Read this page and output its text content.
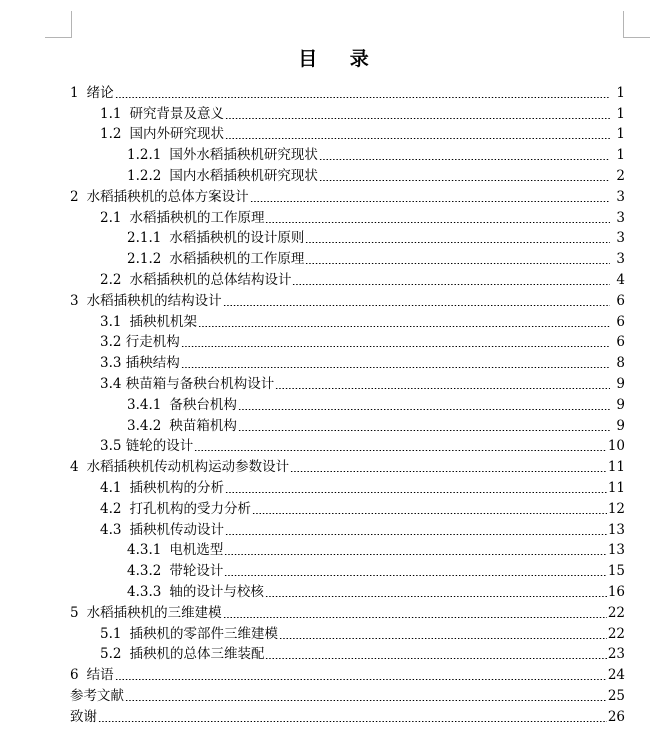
目 录
1 绪论	1
1.1 研究背景及意义	1
1.2 国内外研究现状	1
1.2.1 国外水稻插秧机研究现状	1
1.2.2 国内水稻插秧机研究现状	2
2 水稻插秧机的总体方案设计	3
2.1 水稻插秧机的工作原理	3
2.1.1 水稻插秧机的设计原则	3
2.1.2 水稻插秧机的工作原理	3
2.2 水稻插秧机的总体结构设计	4
3 水稻插秧机的结构设计	6
3.1 插秧机机架	6
3.2 行走机构	6
3.3 插秧结构	8
3.4 秧苗箱与备秧台机构设计	9
3.4.1 备秧台机构	9
3.4.2 秧苗箱机构	9
3.5 链轮的设计	10
4 水稻插秧机传动机构运动参数设计	11
4.1 插秧机构的分析	11
4.2 打孔机构的受力分析	12
4.3 插秧机传动设计	13
4.3.1 电机选型	13
4.3.2 带轮设计	15
4.3.3 轴的设计与校核	16
5 水稻插秧机的三维建模	22
5.1 插秧机的零部件三维建模	22
5.2 插秧机的总体三维装配	23
6 结语	24
参考文献	25
致谢	26
